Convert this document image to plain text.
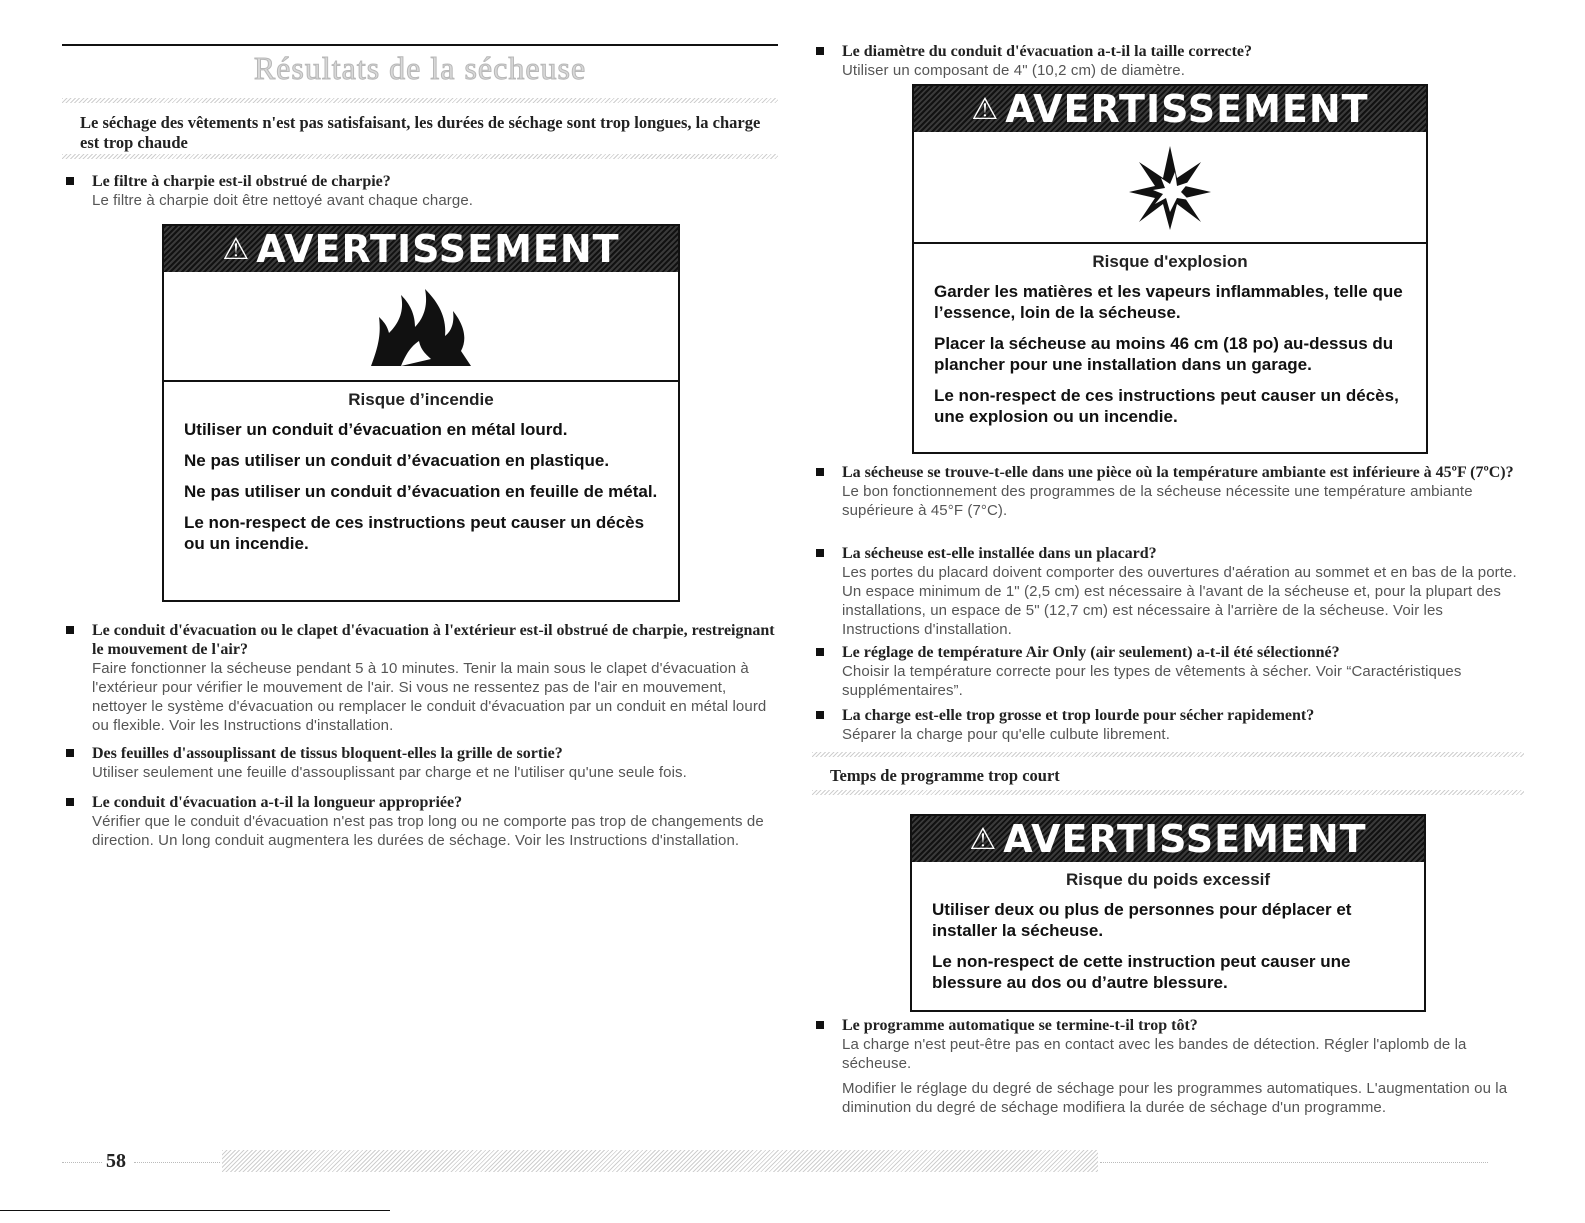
Résultats de la sécheuse
Le séchage des vêtements n'est pas satisfaisant, les durées de séchage sont trop longues, la charge est trop chaude
Le filtre à charpie est-il obstrué de charpie?
Le filtre à charpie doit être nettoyé avant chaque charge.
⚠ AVERTISSEMENT
Risque d’incendie

Utiliser un conduit d’évacuation en métal lourd.

Ne pas utiliser un conduit d’évacuation en plastique.

Ne pas utiliser un conduit d’évacuation en feuille de métal.

Le non-respect de ces instructions peut causer un décès ou un incendie.

Le conduit d'évacuation ou le clapet d'évacuation à l'extérieur est-il obstrué de charpie, restreignant le mouvement de l'air?
Faire fonctionner la sécheuse pendant 5 à 10 minutes. Tenir la main sous le clapet d'évacuation à l'extérieur pour vérifier le mouvement de l'air. Si vous ne ressentez pas de l'air en mouvement, nettoyer le système d'évacuation ou remplacer le conduit d'évacuation par un conduit en métal lourd ou flexible. Voir les Instructions d'installation.
Des feuilles d'assouplissant de tissus bloquent-elles la grille de sortie?
Utiliser seulement une feuille d'assouplissant par charge et ne l'utiliser qu'une seule fois.
Le conduit d'évacuation a-t-il la longueur appropriée?
Vérifier que le conduit d'évacuation n'est pas trop long ou ne comporte pas trop de changements de direction. Un long conduit augmentera les durées de séchage. Voir les Instructions d'installation.
Le diamètre du conduit d'évacuation a-t-il la taille correcte?
Utiliser un composant de 4" (10,2 cm) de diamètre.
⚠ AVERTISSEMENT
Risque d'explosion

Garder les matières et les vapeurs inflammables, telle que l’essence, loin de la sécheuse.

Placer la sécheuse au moins 46 cm (18 po) au-dessus du plancher pour une installation dans un garage.

Le non-respect de ces instructions peut causer un décès, une explosion ou un incendie.

La sécheuse se trouve-t-elle dans une pièce où la température ambiante est inférieure à 45ºF (7ºC)?
Le bon fonctionnement des programmes de la sécheuse nécessite une température ambiante supérieure à 45°F (7°C).
La sécheuse est-elle installée dans un placard?
Les portes du placard doivent comporter des ouvertures d'aération au sommet et en bas de la porte. Un espace minimum de 1" (2,5 cm) est nécessaire à l'avant de la sécheuse et, pour la plupart des installations, un espace de 5" (12,7 cm) est nécessaire à l'arrière de la sécheuse. Voir les Instructions d'installation.
Le réglage de température Air Only (air seulement) a-t-il été sélectionné?
Choisir la température correcte pour les types de vêtements à sécher. Voir “Caractéristiques supplémentaires”.
La charge est-elle trop grosse et trop lourde pour sécher rapidement?
Séparer la charge pour qu'elle culbute librement.
Temps de programme trop court
⚠ AVERTISSEMENT
Risque du poids excessif

Utiliser deux ou plus de personnes pour déplacer et installer la sécheuse.

Le non-respect de cette instruction peut causer une blessure au dos ou d’autre blessure.

Le programme automatique se termine-t-il trop tôt?

La charge n'est peut-être pas en contact avec les bandes de détection. Régler l'aplomb de la sécheuse.

Modifier le réglage du degré de séchage pour les programmes automatiques. L'augmentation ou la diminution du degré de séchage modifiera la durée de séchage d'un programme.

58
